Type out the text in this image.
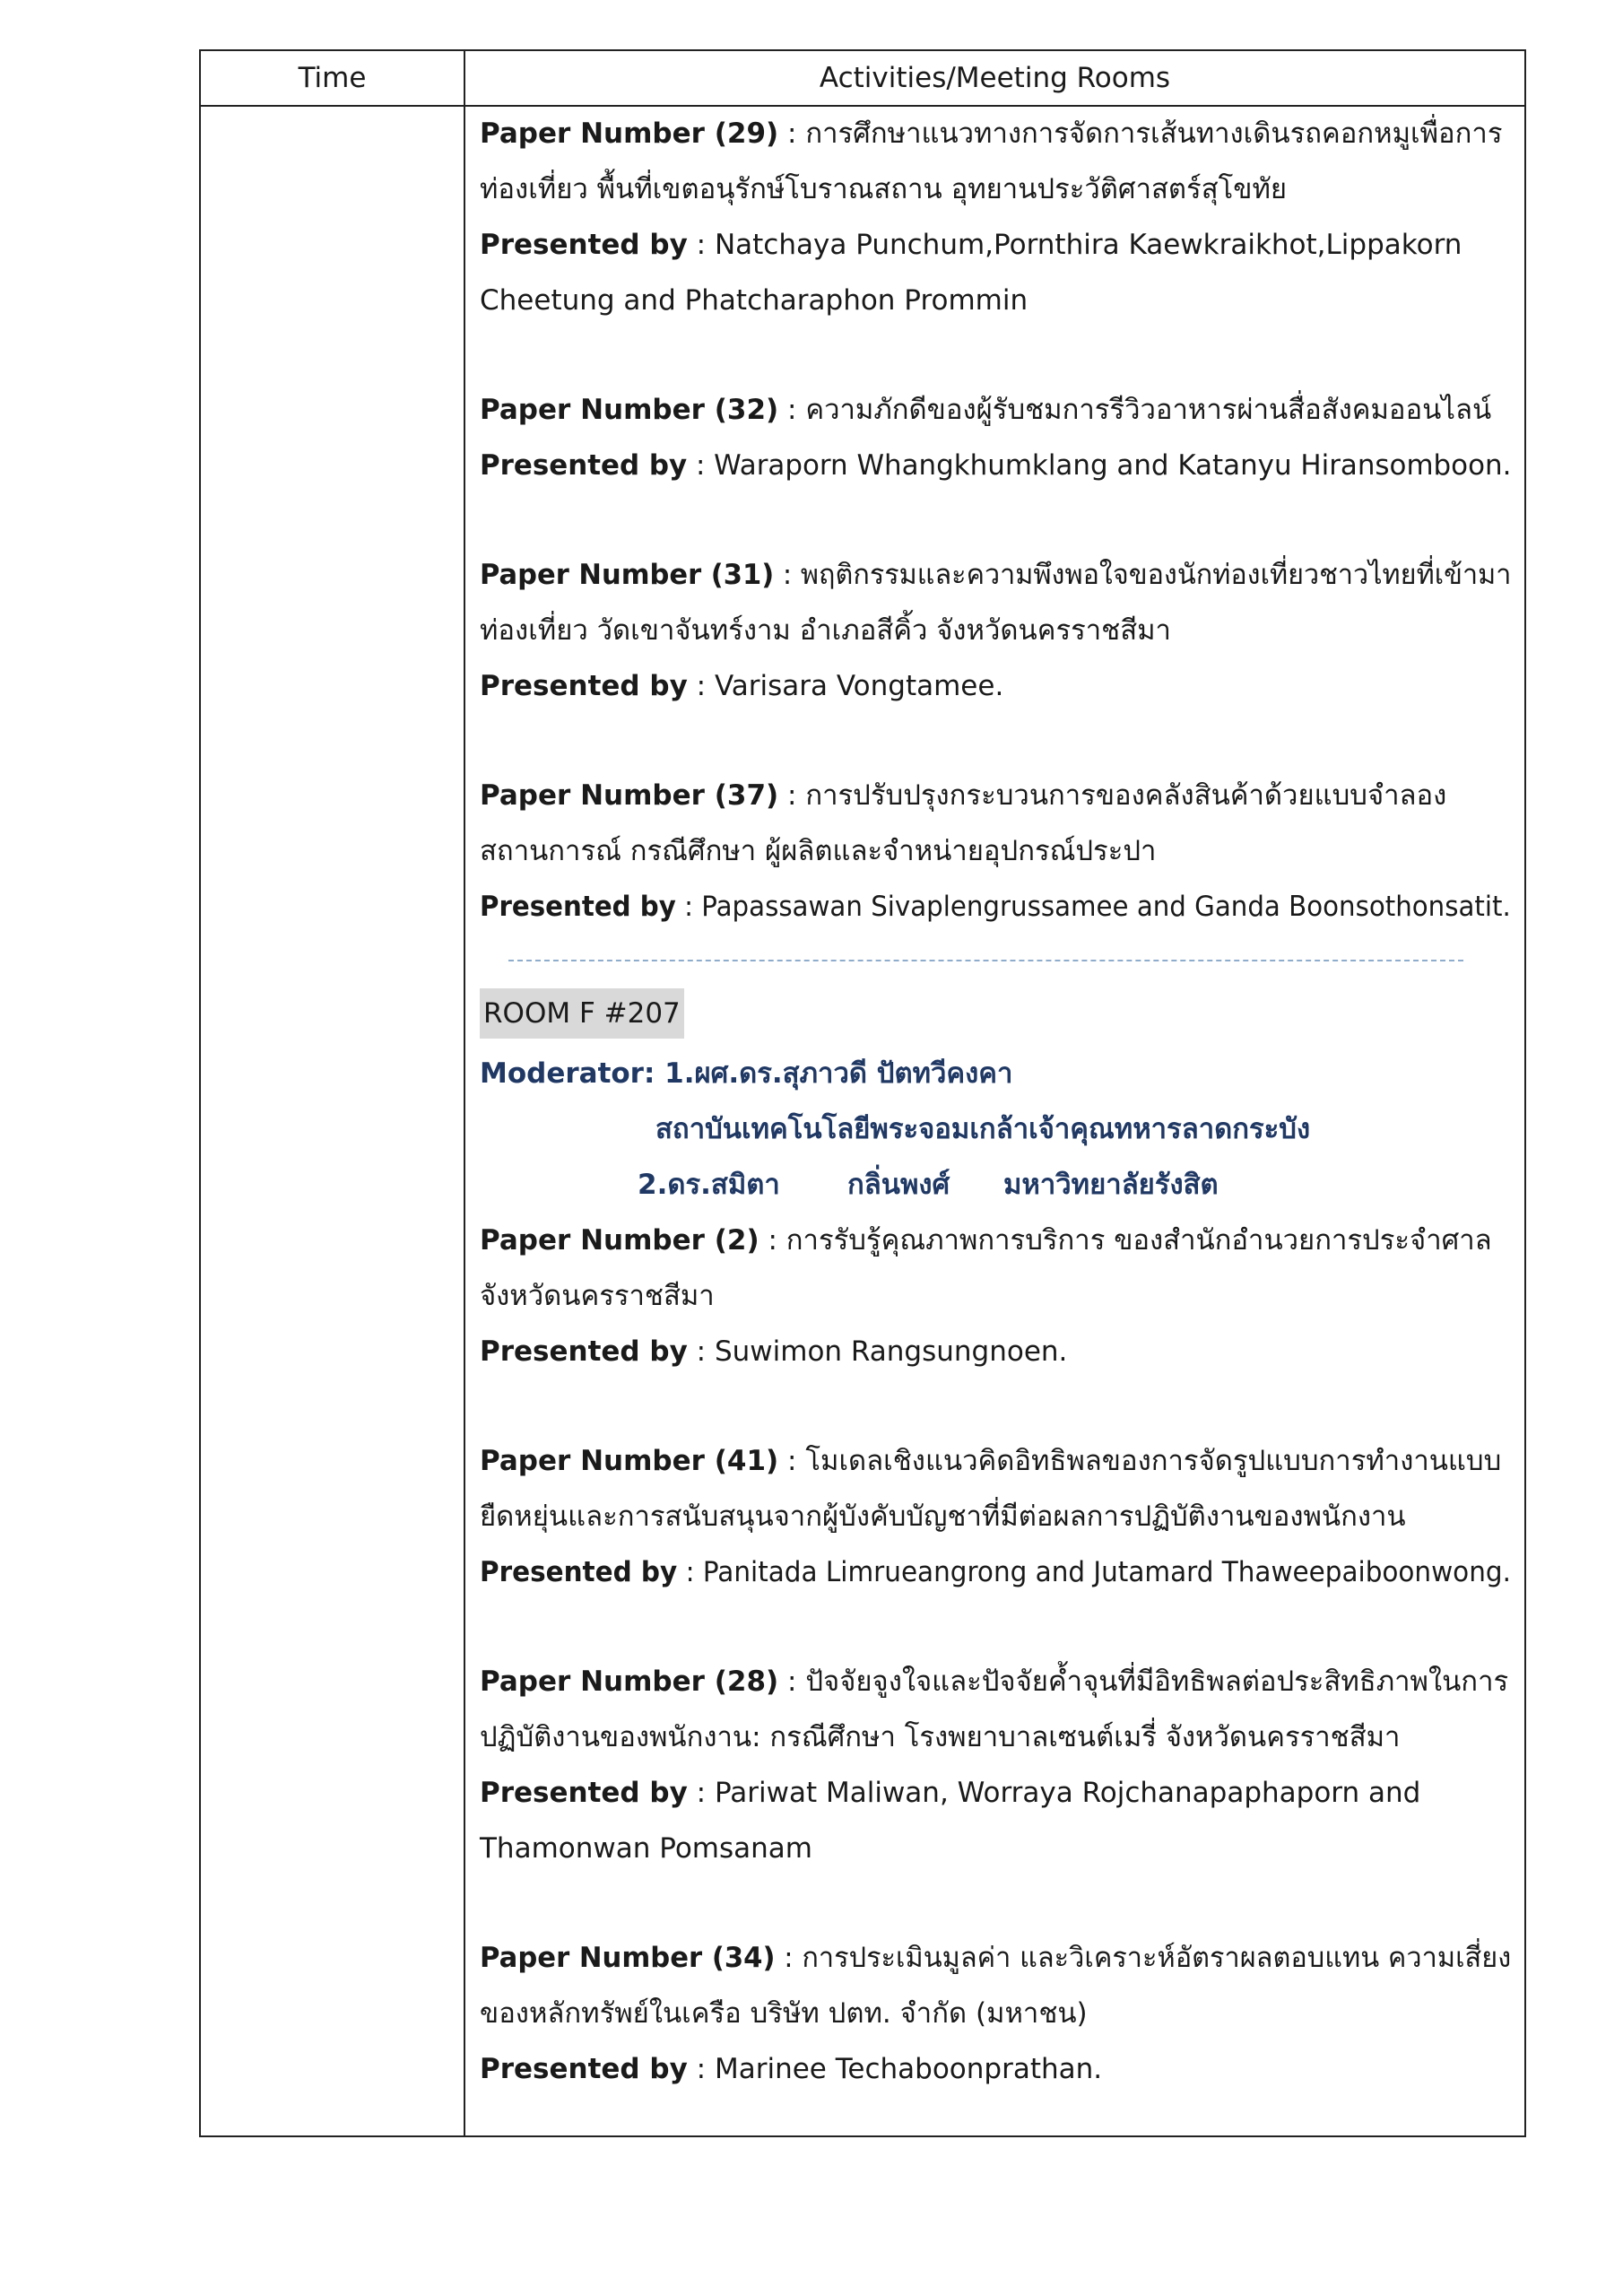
Time	Activities/Meeting Rooms
Paper Number (29) : การศึกษาแนวทางการจัดการเส้นทางเดินรถคอกหมูเพื่อการ
ท่องเที่ยว พื้นที่เขตอนุรักษ์โบราณสถาน อุทยานประวัติศาสตร์สุโขทัย
Presented by : Natchaya Punchum,Pornthira Kaewkraikhot,Lippakorn
Cheetung and Phatcharaphon Prommin
Paper Number (32) : ความภักดีของผู้รับชมการรีวิวอาหารผ่านสื่อสังคมออนไลน์
Presented by : Waraporn Whangkhumklang and Katanyu Hiransomboon.
Paper Number (31) : พฤติกรรมและความพึงพอใจของนักท่องเที่ยวชาวไทยที่เข้ามา
ท่องเที่ยว วัดเขาจันทร์งาม อำเภอสีคิ้ว จังหวัดนครราชสีมา
Presented by : Varisara Vongtamee.
Paper Number (37) : การปรับปรุงกระบวนการของคลังสินค้าด้วยแบบจำลอง
สถานการณ์ กรณีศึกษา ผู้ผลิตและจำหน่ายอุปกรณ์ประปา
Presented by : Papassawan Sivaplengrussamee and Ganda Boonsothonsatit.
ROOM F #207
Moderator: 1.ผศ.ดร.สุภาวดี ปัตทวีคงคา
สถาบันเทคโนโลยีพระจอมเกล้าเจ้าคุณทหารลาดกระบัง
2.ดร.สมิตา กลิ่นพงศ์ มหาวิทยาลัยรังสิต
Paper Number (2) : การรับรู้คุณภาพการบริการ ของสำนักอำนวยการประจำศาล
จังหวัดนครราชสีมา
Presented by : Suwimon Rangsungnoen.
Paper Number (41) : โมเดลเชิงแนวคิดอิทธิพลของการจัดรูปแบบการทำงานแบบ
ยืดหยุ่นและการสนับสนุนจากผู้บังคับบัญชาที่มีต่อผลการปฏิบัติงานของพนักงาน
Presented by : Panitada Limrueangrong and Jutamard Thaweepaiboonwong.
Paper Number (28) : ปัจจัยจูงใจและปัจจัยค้ำจุนที่มีอิทธิพลต่อประสิทธิภาพในการ
ปฏิบัติงานของพนักงาน: กรณีศึกษา โรงพยาบาลเซนต์เมรี่ จังหวัดนครราชสีมา
Presented by : Pariwat Maliwan, Worraya Rojchanapaphaporn and
Thamonwan Pomsanam
Paper Number (34) : การประเมินมูลค่า และวิเคราะห์อัตราผลตอบแทน ความเสี่ยง
ของหลักทรัพย์ในเครือ บริษัท ปตท. จำกัด (มหาชน)
Presented by : Marinee Techaboonprathan.
